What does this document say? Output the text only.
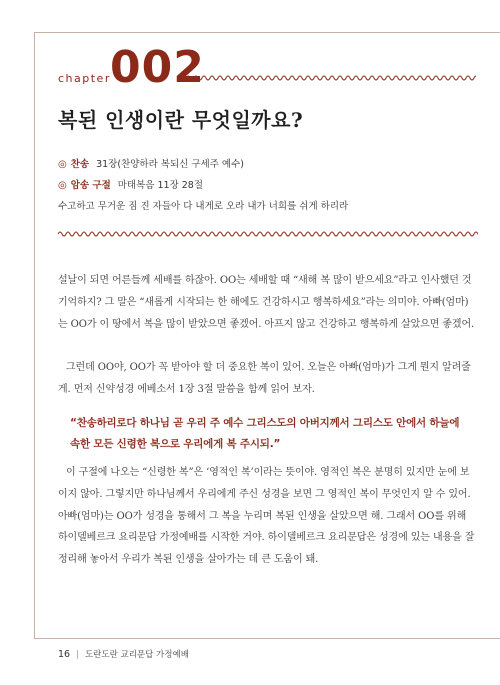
chapter 002
복된 인생이란 무엇일까요?
◎ 찬송 31장(찬양하라 복되신 구세주 예수)
◎ 암송 구절 마태복음 11장 28절
수고하고 무거운 짐 진 자들아 다 내게로 오라 내가 너희를 쉬게 하리라
설날이 되면 어른들께 세배를 하잖아. OO는 세배할 때 “새해 복 많이 받으세요”라고 인사했던 것 기억하지? 그 말은 “새롭게 시작되는 한 해에도 건강하시고 행복하세요”라는 의미야. 아빠(엄마)는 OO가 이 땅에서 복을 많이 받았으면 좋겠어. 아프지 않고 건강하고 행복하게 살았으면 좋겠어.
그런데 OO야, OO가 꼭 받아야 할 더 중요한 복이 있어. 오늘은 아빠(엄마)가 그게 뭔지 알려줄게. 먼저 신약성경 에베소서 1장 3절 말씀을 함께 읽어 보자.
“찬송하리로다 하나님 곧 우리 주 예수 그리스도의 아버지께서 그리스도 안에서 하늘에 속한 모든 신령한 복으로 우리에게 복 주시되.”
이 구절에 나오는 “신령한 복”은 ‘영적인 복’이라는 뜻이야. 영적인 복은 분명히 있지만 눈에 보이지 않아. 그렇지만 하나님께서 우리에게 주신 성경을 보면 그 영적인 복이 무엇인지 알 수 있어. 아빠(엄마)는 OO가 성경을 통해서 그 복을 누리며 복된 인생을 살았으면 해. 그래서 OO를 위해 하이델베르크 요리문답 가정예배를 시작한 거야. 하이델베르크 요리문답은 성경에 있는 내용을 잘 정리해 놓아서 우리가 복된 인생을 살아가는 데 큰 도움이 돼.
16 | 도란도란 교리문답 가정예배
